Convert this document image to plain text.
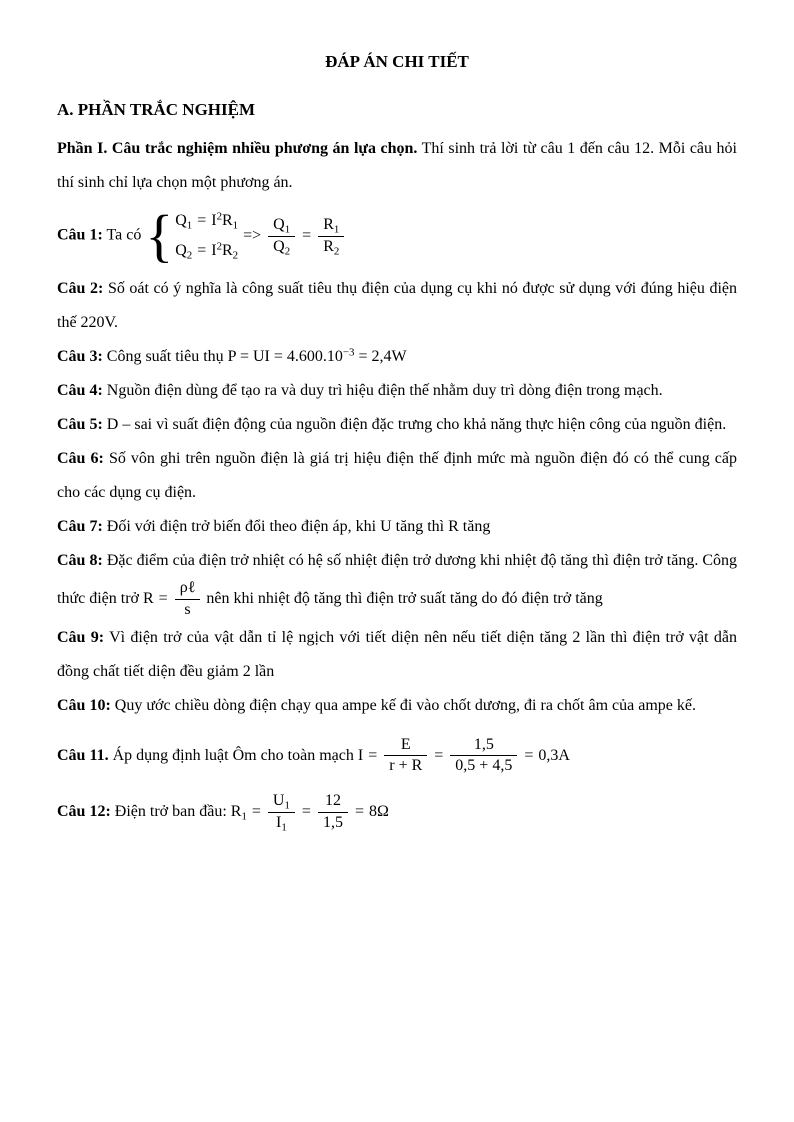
ĐÁP ÁN CHI TIẾT
A. PHẦN TRẮC NGHIỆM

Phần I. Câu trắc nghiệm nhiều phương án lựa chọn. Thí sinh trả lời từ câu 1 đến câu 12. Mỗi câu hỏi thí sinh chỉ lựa chọn một phương án.

Câu 1: Ta có { $Q_1 = I^2R_1$
$Q_2 = I^2R_2$
=> $\frac{Q_1}{Q_2} = \frac{R_1}{R_2}$

Câu 2: Số oát có ý nghĩa là công suất tiêu thụ điện của dụng cụ khi nó được sử dụng với đúng hiệu điện thế 220V.

Câu 3: Công suất tiêu thụ P = UI = $4.600.10^{-3} = 2,4W$

Câu 4: Nguồn điện dùng để tạo ra và duy trì hiệu điện thế nhằm duy trì dòng điện trong mạch.

Câu 5: D – sai vì suất điện động của nguồn điện đặc trưng cho khả năng thực hiện công của nguồn điện.

Câu 6: Số vôn ghi trên nguồn điện là giá trị hiệu điện thế định mức mà nguồn điện đó có thể cung cấp cho các dụng cụ điện.

Câu 7: Đối với điện trở biến đổi theo điện áp, khi U tăng thì R tăng

Câu 8: Đặc điểm của điện trở nhiệt có hệ số nhiệt điện trở dương khi nhiệt độ tăng thì điện trở tăng. Công thức điện trở $R = \frac{\text{ρℓ}}{s}$ nên khi nhiệt độ tăng thì điện trở suất tăng do đó điện trở tăng

Câu 9: Vì điện trở của vật dẫn tỉ lệ ngịch với tiết diện nên nếu tiết diện tăng 2 lần thì điện trở vật dẫn đồng chất tiết diện đều giảm 2 lần

Câu 10: Quy ước chiều dòng điện chạy qua ampe kế đi vào chốt dương, đi ra chốt âm của ampe kế.

Câu 11. Áp dụng định luật Ôm cho toàn mạch $I = \frac{E}{r + R} = \frac{1,5}{0,5 + 4,5} = 0,3A$

Câu 12: Điện trở ban đầu: $R_1 = \frac{U_1}{I_1} = \frac{12}{1,5} = 8\Omega$
